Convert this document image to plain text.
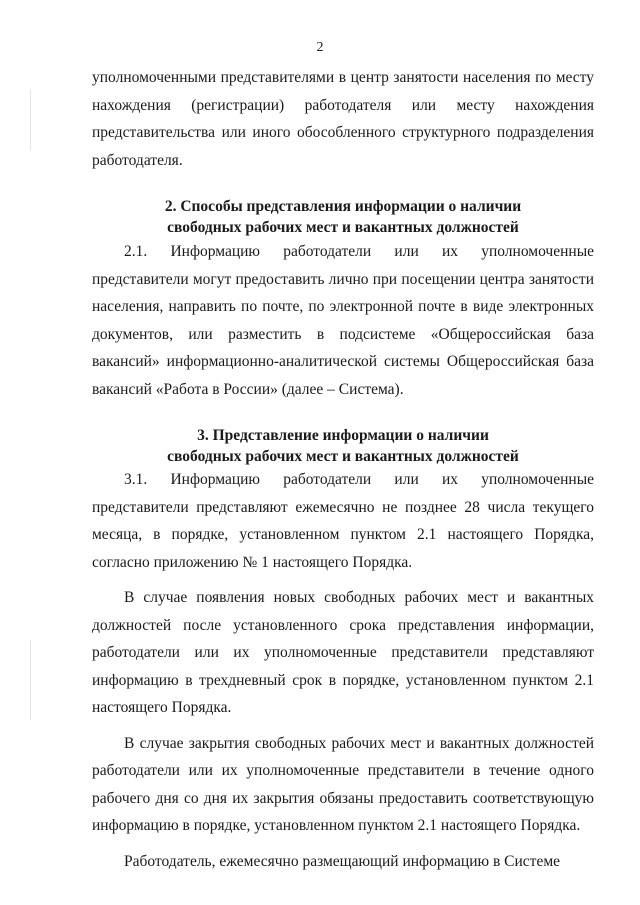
2

уполномоченными представителями в центр занятости населения по месту нахождения (регистрации) работодателя или месту нахождения представительства или иного обособленного структурного подразделения работодателя.

2. Способы представления информации о наличии
свободных рабочих мест и вакантных должностей

2.1. Информацию работодатели или их уполномоченные представители могут предоставить лично при посещении центра занятости населения, направить по почте, по электронной почте в виде электронных документов, или разместить в подсистеме «Общероссийская база вакансий» информационно-аналитической системы Общероссийская база вакансий «Работа в России» (далее – Система).

3. Представление информации о наличии
свободных рабочих мест и вакантных должностей

3.1. Информацию работодатели или их уполномоченные представители представляют ежемесячно не позднее 28 числа текущего месяца, в порядке, установленном пунктом 2.1 настоящего Порядка, согласно приложению № 1 настоящего Порядка.

В случае появления новых свободных рабочих мест и вакантных должностей после установленного срока представления информации, работодатели или их уполномоченные представители представляют информацию в трехдневный срок в порядке, установленном пунктом 2.1 настоящего Порядка.

В случае закрытия свободных рабочих мест и вакантных должностей работодатели или их уполномоченные представители в течение одного рабочего дня со дня их закрытия обязаны предоставить соответствующую информацию в порядке, установленном пунктом 2.1 настоящего Порядка.

Работодатель, ежемесячно размещающий информацию в Системе
